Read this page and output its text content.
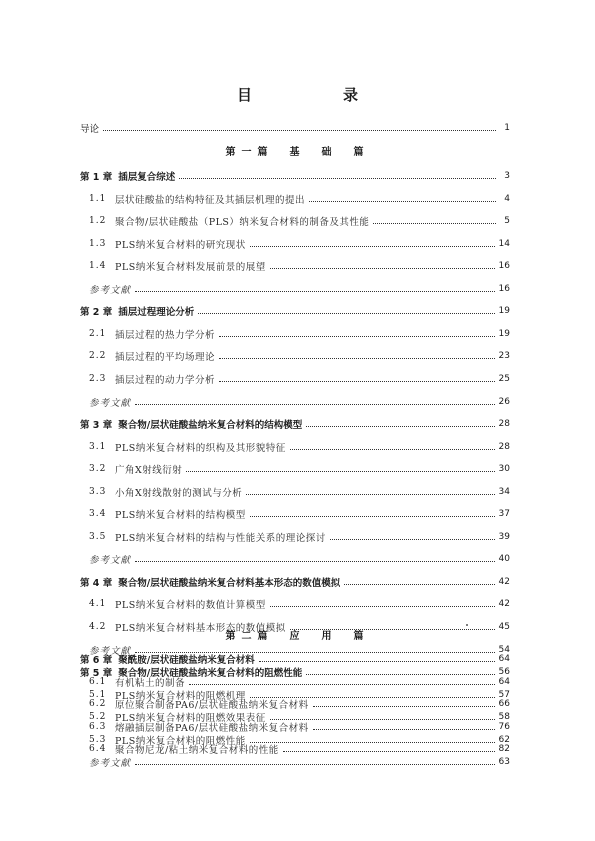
目　录
导论	1
第一篇　基　础　篇
第 1 章 插层复合综述	3
1.1 层状硅酸盐的结构特征及其插层机理的提出	4
1.2 聚合物/层状硅酸盐（PLS）纳米复合材料的制备及其性能	5
1.3 PLS纳米复合材料的研究现状	14
1.4 PLS纳米复合材料发展前景的展望	16
参考文献	16
第 2 章 插层过程理论分析	19
2.1 插层过程的热力学分析	19
2.2 插层过程的平均场理论	23
2.3 插层过程的动力学分析	25
参考文献	26
第 3 章 聚合物/层状硅酸盐纳米复合材料的结构模型	28
3.1 PLS纳米复合材料的织构及其形貌特征	28
3.2 广角X射线衍射	30
3.3 小角X射线散射的测试与分析	34
3.4 PLS纳米复合材料的结构模型	37
3.5 PLS纳米复合材料的结构与性能关系的理论探讨	39
参考文献	40
第 4 章 聚合物/层状硅酸盐纳米复合材料基本形态的数值模拟	42
4.1 PLS纳米复合材料的数值计算模型	42
4.2 PLS纳米复合材料基本形态的数值模拟	45
参考文献	54
第 5 章 聚合物/层状硅酸盐纳米复合材料的阻燃性能	56
5.1 PLS纳米复合材料的阻燃机理	57
5.2 PLS纳米复合材料的阻燃效果表征	58
5.3 PLS纳米复合材料的阻燃性能	62
参考文献	63
第二篇　应　用　篇
第 6 章 聚酰胺/层状硅酸盐纳米复合材料	64
6.1 有机粘土的制备	64
6.2 原位聚合制备PA6/层状硅酸盐纳米复合材料	66
6.3 熔融插层制备PA6/层状硅酸盐纳米复合材料	76
6.4 聚合物尼龙/粘土纳米复合材料的性能	82
